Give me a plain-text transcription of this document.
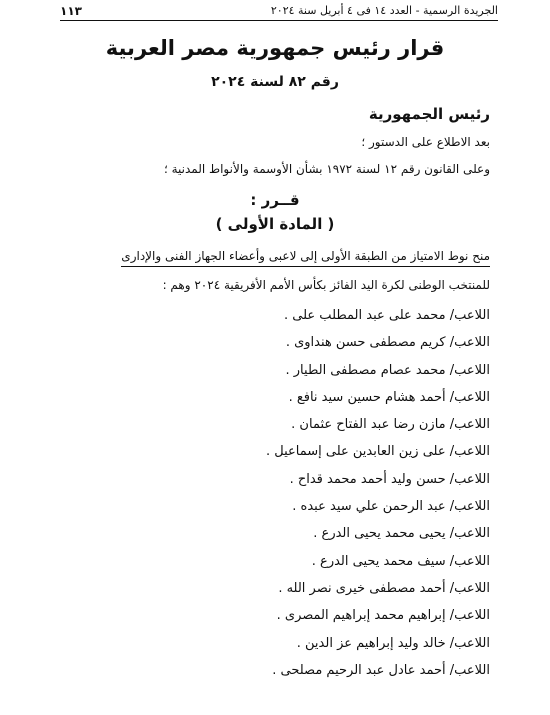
الجريدة الرسمية - العدد ١٤ فى ٤ أبريل سنة ٢٠٢٤
١١٣
قرار رئيس جمهورية مصر العربية
رقم ٨٢ لسنة ٢٠٢٤
رئيس الجمهورية
بعد الاطلاع على الدستور ؛
وعلى القانون رقم ١٢ لسنة ١٩٧٢ بشأن الأوسمة والأنواط المدنية ؛
قــرر :
( المادة الأولى )
منح نوط الامتياز من الطبقة الأولى إلى لاعبى وأعضاء الجهاز الفنى والإدارى
للمنتخب الوطنى لكرة اليد الفائز بكأس الأمم الأفريقية ٢٠٢٤ وهم :
اللاعب/ محمد على عبد المطلب على .
اللاعب/ كريم مصطفى حسن هنداوى .
اللاعب/ محمد عصام مصطفى الطيار .
اللاعب/ أحمد هشام حسين سيد نافع .
اللاعب/ مازن رضا عبد الفتاح عثمان .
اللاعب/ على زين العابدين على إسماعيل .
اللاعب/ حسن وليد أحمد محمد قداح .
اللاعب/ عبد الرحمن علي سيد عبده .
اللاعب/ يحيى محمد يحيى الدرع .
اللاعب/ سيف محمد يحيى الدرع .
اللاعب/ أحمد مصطفى خيرى نصر الله .
اللاعب/ إبراهيم محمد إبراهيم المصرى .
اللاعب/ خالد وليد إبراهيم عز الدين .
اللاعب/ أحمد عادل عبد الرحيم مصلحى .
